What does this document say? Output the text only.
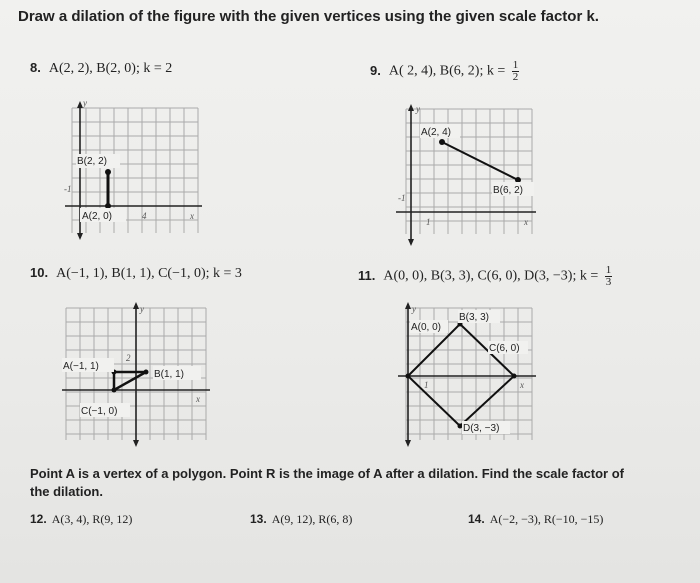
Draw a dilation of the figure with the given vertices using the given scale factor k.
8. A(2, 2), B(2, 0); k = 2	9. A( 2, 4), B(6, 2); $k = \frac{1}{2}$
B(2, 2)
A(2, 0)
y
x
-1
4
A(2, 4)
B(6, 2)
y
x
-1
1
10. A(−1, 1), B(1, 1), C(−1, 0); k = 3	11. A(0, 0), B(3, 3), C(6, 0), D(3, −3); $k = \frac{1}{3}$
A(−1, 1)
B(1, 1)
C(−1, 0)
y
x
2
A(0, 0)
B(3, 3)
C(6, 0)
D(3, −3)
y
x
1
Point A is a vertex of a polygon. Point R is the image of A after a dilation. Find the scale factor of the dilation.
12. A(3, 4), R(9, 12)	13. A(9, 12), R(6, 8)	14. A(−2, −3), R(−10, −15)
